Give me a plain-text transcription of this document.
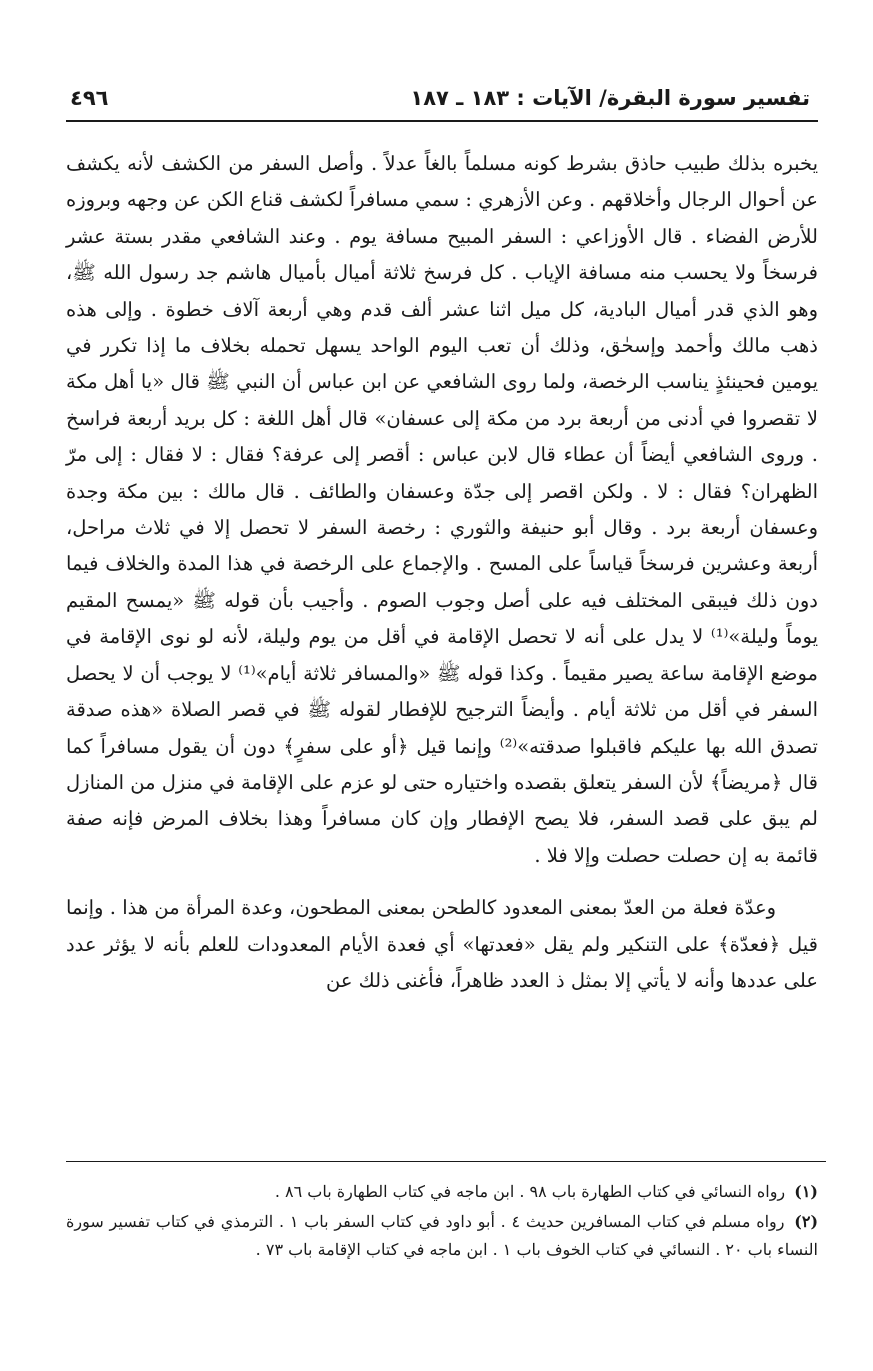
تفسير سورة البقرة/ الآيات : ١٨٣ ـ ١٨٧
٤٩٦

يخبره بذلك طبيب حاذق بشرط كونه مسلماً بالغاً عدلاً . وأصل السفر من الكشف لأنه يكشف عن أحوال الرجال وأخلاقهم . وعن الأزهري : سمي مسافراً لكشف قناع الكن عن وجهه وبروزه للأرض الفضاء . قال الأوزاعي : السفر المبيح مسافة يوم . وعند الشافعي مقدر بستة عشر فرسخاً ولا يحسب منه مسافة الإياب . كل فرسخ ثلاثة أميال بأميال هاشم جد رسول الله ﷺ، وهو الذي قدر أميال البادية، كل ميل اثنا عشر ألف قدم وهي أربعة آلاف خطوة . وإلى هذه ذهب مالك وأحمد وإسحٰق، وذلك أن تعب اليوم الواحد يسهل تحمله بخلاف ما إذا تكرر في يومين فحينئذٍ يناسب الرخصة، ولما روى الشافعي عن ابن عباس أن النبي ﷺ قال «يا أهل مكة لا تقصروا في أدنى من أربعة برد من مكة إلى عسفان» قال أهل اللغة : كل بريد أربعة فراسخ . وروى الشافعي أيضاً أن عطاء قال لابن عباس : أقصر إلى عرفة؟ فقال : لا فقال : إلى مرّ الظهران؟ فقال : لا . ولكن اقصر إلى جدّة وعسفان والطائف . قال مالك : بين مكة وجدة وعسفان أربعة برد . وقال أبو حنيفة والثوري : رخصة السفر لا تحصل إلا في ثلاث مراحل، أربعة وعشرين فرسخاً قياساً على المسح . والإجماع على الرخصة في هذا المدة والخلاف فيما دون ذلك فيبقى المختلف فيه على أصل وجوب الصوم . وأجيب بأن قوله ﷺ «يمسح المقيم يوماً وليلة»⁽¹⁾ لا يدل على أنه لا تحصل الإقامة في أقل من يوم وليلة، لأنه لو نوى الإقامة في موضع الإقامة ساعة يصير مقيماً . وكذا قوله ﷺ «والمسافر ثلاثة أيام»⁽¹⁾ لا يوجب أن لا يحصل السفر في أقل من ثلاثة أيام . وأيضاً الترجيح للإفطار لقوله ﷺ في قصر الصلاة «هذه صدقة تصدق الله بها عليكم فاقبلوا صدقته»⁽²⁾ وإنما قيل ﴿أو على سفرٍ﴾ دون أن يقول مسافراً كما قال ﴿مريضاً﴾ لأن السفر يتعلق بقصده واختياره حتى لو عزم على الإقامة في منزل من المنازل لم يبق على قصد السفر، فلا يصح الإفطار وإن كان مسافراً وهذا بخلاف المرض فإنه صفة قائمة به إن حصلت حصلت وإلا فلا .

وعدّة فعلة من العدّ بمعنى المعدود كالطحن بمعنى المطحون، وعدة المرأة من هذا . وإنما قيل ﴿فعدّة﴾ على التنكير ولم يقل «فعدتها» أي فعدة الأيام المعدودات للعلم بأنه لا يؤثر عدد على عددها وأنه لا يأتي إلا بمثل ذ العدد ظاهراً، فأغنى ذلك عن

(١) رواه النسائي في كتاب الطهارة باب ٩٨ . ابن ماجه في كتاب الطهارة باب ٨٦ .

(٢) رواه مسلم في كتاب المسافرين حديث ٤ . أبو داود في كتاب السفر باب ١ . الترمذي في كتاب تفسير سورة النساء باب ٢٠ . النسائي في كتاب الخوف باب ١ . ابن ماجه في كتاب الإقامة باب ٧٣ .
